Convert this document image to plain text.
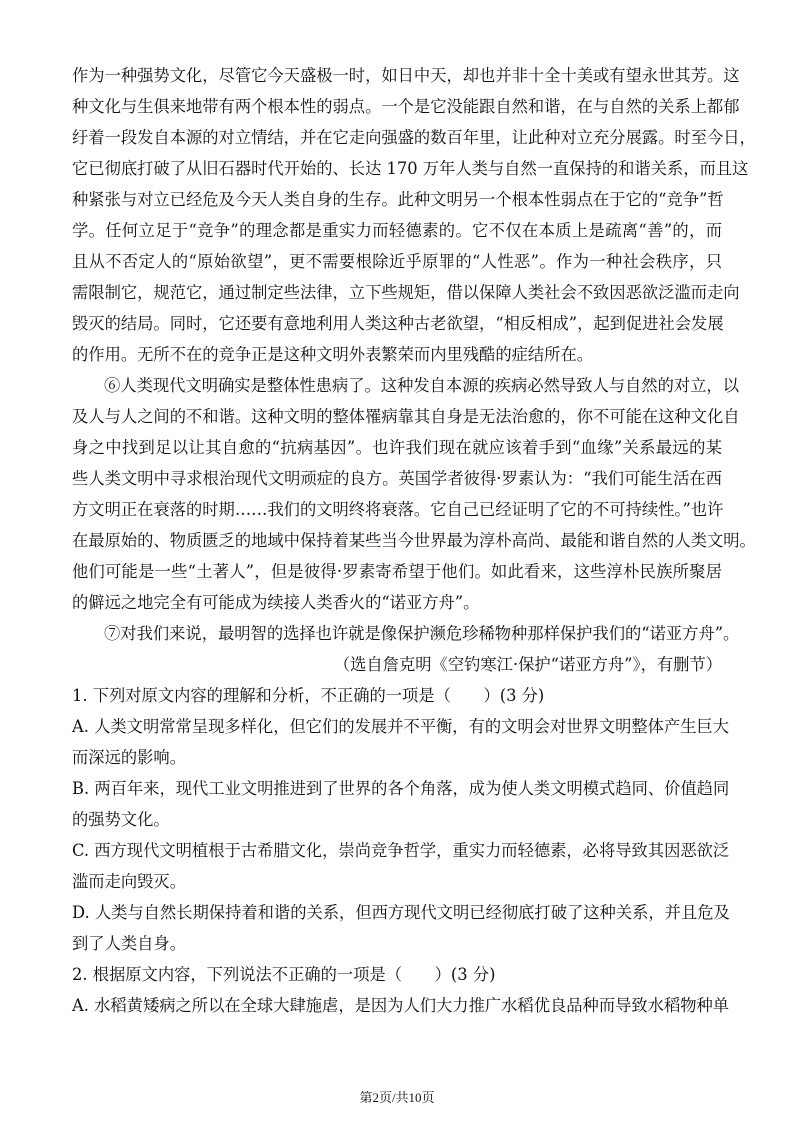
作为一种强势文化，尽管它今天盛极一时，如日中天，却也并非十全十美或有望永世其芳。这
种文化与生俱来地带有两个根本性的弱点。一个是它没能跟自然和谐，在与自然的关系上都郁
纡着一段发自本源的对立情结，并在它走向强盛的数百年里，让此种对立充分展露。时至今日，
它已彻底打破了从旧石器时代开始的、长达 170 万年人类与自然一直保持的和谐关系，而且这
种紧张与对立已经危及今天人类自身的生存。此种文明另一个根本性弱点在于它的“竞争”哲
学。任何立足于“竞争”的理念都是重实力而轻德素的。它不仅在本质上是疏离“善”的，而
且从不否定人的“原始欲望”，更不需要根除近乎原罪的“人性恶”。作为一种社会秩序，只
需限制它，规范它，通过制定些法律，立下些规矩，借以保障人类社会不致因恶欲泛滥而走向
毁灭的结局。同时，它还要有意地利用人类这种古老欲望，“相反相成”，起到促进社会发展
的作用。无所不在的竞争正是这种文明外表繁荣而内里残酷的症结所在。
⑥人类现代文明确实是整体性患病了。这种发自本源的疾病必然导致人与自然的对立，以
及人与人之间的不和谐。这种文明的整体罹病靠其自身是无法治愈的，你不可能在这种文化自
身之中找到足以让其自愈的“抗病基因”。也许我们现在就应该着手到“血缘”关系最远的某
些人类文明中寻求根治现代文明顽症的良方。英国学者彼得·罗素认为：“我们可能生活在西
方文明正在衰落的时期……我们的文明终将衰落。它自己已经证明了它的不可持续性。”也许
在最原始的、物质匮乏的地域中保持着某些当今世界最为淳朴高尚、最能和谐自然的人类文明。
他们可能是一些“土著人”，但是彼得·罗素寄希望于他们。如此看来，这些淳朴民族所聚居
的僻远之地完全有可能成为续接人类香火的“诺亚方舟”。
⑦对我们来说，最明智的选择也许就是像保护濒危珍稀物种那样保护我们的“诺亚方舟”。
（选自詹克明《空钓寒江·保护“诺亚方舟”》，有删节）
1. 下列对原文内容的理解和分析，不正确的一项是（　　）(3 分)
A. 人类文明常常呈现多样化，但它们的发展并不平衡，有的文明会对世界文明整体产生巨大
而深远的影响。
B. 两百年来，现代工业文明推进到了世界的各个角落，成为使人类文明模式趋同、价值趋同
的强势文化。
C. 西方现代文明植根于古希腊文化，崇尚竞争哲学，重实力而轻德素，必将导致其因恶欲泛
滥而走向毁灭。
D. 人类与自然长期保持着和谐的关系，但西方现代文明已经彻底打破了这种关系，并且危及
到了人类自身。
2. 根据原文内容，下列说法不正确的一项是（　　）(3 分)
A. 水稻黄矮病之所以在全球大肆施虐，是因为人们大力推广水稻优良品种而导致水稻物种单
第2页/共10页
